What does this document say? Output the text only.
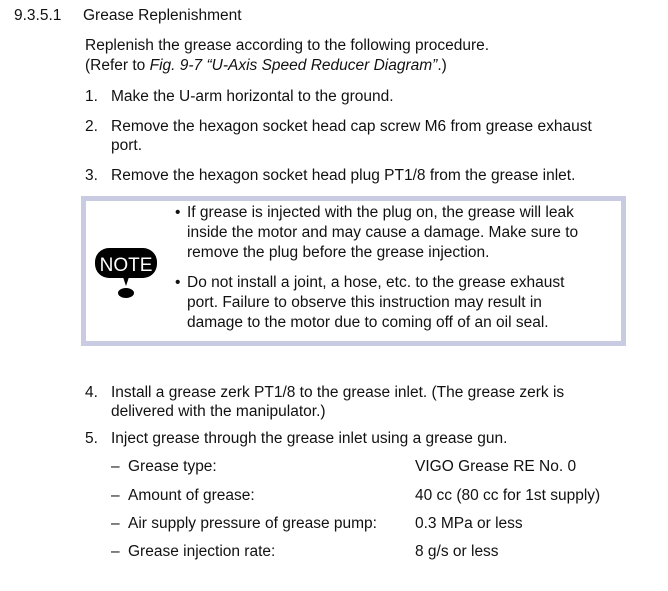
9.3.5.1 Grease Replenishment
Replenish the grease according to the following procedure.
(Refer to Fig. 9-7 “U-Axis Speed Reducer Diagram”.)
1. Make the U-arm horizontal to the ground.
2. Remove the hexagon socket head cap screw M6 from grease exhaust
port.
3. Remove the hexagon socket head plug PT1/8 from the grease inlet.
NOTE
• If grease is injected with the plug on, the grease will leak
inside the motor and may cause a damage. Make sure to
remove the plug before the grease injection.
• Do not install a joint, a hose, etc. to the grease exhaust
port. Failure to observe this instruction may result in
damage to the motor due to coming off of an oil seal.
4. Install a grease zerk PT1/8 to the grease inlet. (The grease zerk is
delivered with the manipulator.)
5. Inject grease through the grease inlet using a grease gun.
– Grease type:	VIGO Grease RE No. 0
– Amount of grease:	40 cc (80 cc for 1st supply)
– Air supply pressure of grease pump: 0.3 MPa or less
– Grease injection rate:	8 g/s or less
